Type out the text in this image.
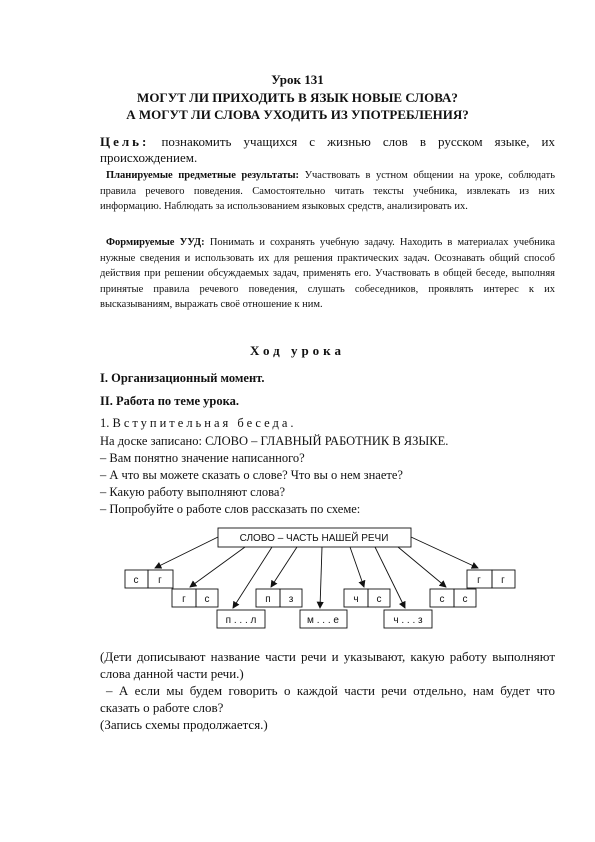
Урок 131
МОГУТ ЛИ ПРИХОДИТЬ В ЯЗЫК НОВЫЕ СЛОВА?
А МОГУТ ЛИ СЛОВА УХОДИТЬ ИЗ УПОТРЕБЛЕНИЯ?
Цель: познакомить учащихся с жизнью слов в русском языке, их происхождением.
Планируемые предметные результаты: Участвовать в устном общении на уроке, соблюдать правила речевого поведения. Самостоятельно читать тексты учебника, извлекать из них информацию. Наблюдать за использованием языковых средств, анализировать их.
Формируемые УУД: Понимать и сохранять учебную задачу. Находить в материалах учебника нужные сведения и использовать их для решения практических задач. Осознавать общий способ действия при решении обсуждаемых задач, применять его. Участвовать в общей беседе, выполняя принятые правила речевого поведения, слушать собеседников, проявлять интерес к их высказываниям, выражать своё отношение к ним.
Ход урока
I. Организационный момент.
II. Работа по теме урока.
1. Вступительная беседа.
На доске записано: СЛОВО – ГЛАВНЫЙ РАБОТНИК В ЯЗЫКЕ.
– Вам понятно значение написанного?
– А что вы можете сказать о слове? Что вы о нем знаете?
– Какую работу выполняют слова?
– Попробуйте о работе слов рассказать по схеме:
СЛОВО – ЧАСТЬ НАШЕЙ РЕЧИ
с г	г г
г с	п з	ч с	с с
п . . . л	м . . . е	ч . . . з
(Дети дописывают название части речи и указывают, какую работу выполняют слова данной части речи.)
– А если мы будем говорить о каждой части речи отдельно, нам будет что сказать о работе слов?
(Запись схемы продолжается.)
